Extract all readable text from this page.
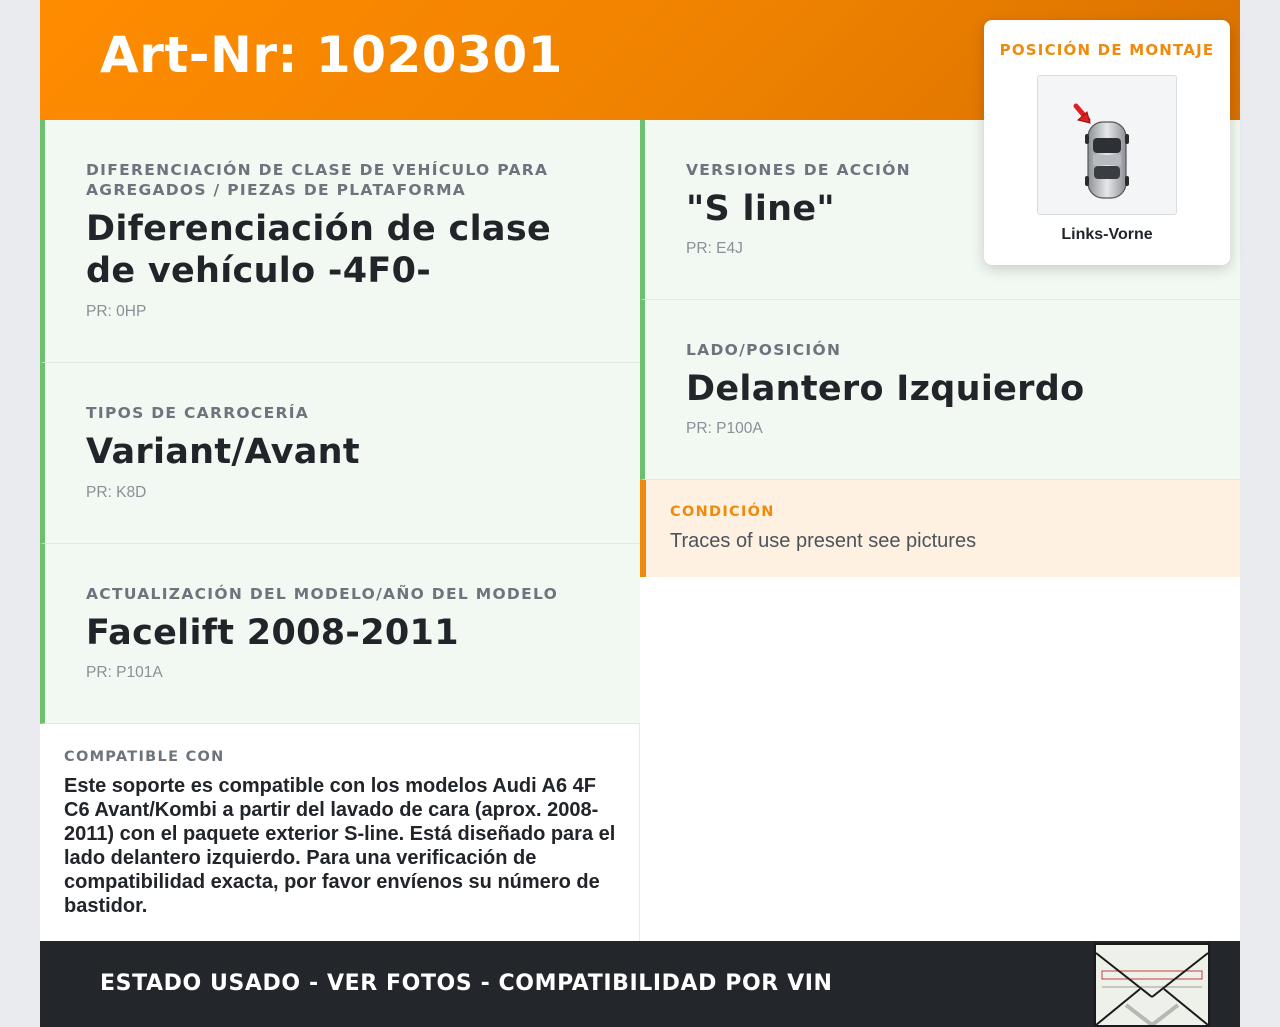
Art-Nr: 1020301
DIFERENCIACIÓN DE CLASE DE VEHÍCULO PARA AGREGADOS / PIEZAS DE PLATAFORMA
Diferenciación de clase de vehículo -4F0-
PR: 0HP
TIPOS DE CARROCERÍA
Variant/Avant
PR: K8D
ACTUALIZACIÓN DEL MODELO/AÑO DEL MODELO
Facelift 2008-2011
PR: P101A
VERSIONES DE ACCIÓN
"S line"
PR: E4J
LADO/POSICIÓN
Delantero Izquierdo
PR: P100A
CONDICIÓN
Traces of use present see pictures
COMPATIBLE CON
Este soporte es compatible con los modelos Audi A6 4F C6 Avant/Kombi a partir del lavado de cara (aprox. 2008-2011) con el paquete exterior S-line. Está diseñado para el lado delantero izquierdo. Para una verificación de compatibilidad exacta, por favor envíenos su número de bastidor.
ESTADO USADO - VER FOTOS - COMPATIBILIDAD POR VIN
POSICIÓN DE MONTAJE
Links-Vorne
